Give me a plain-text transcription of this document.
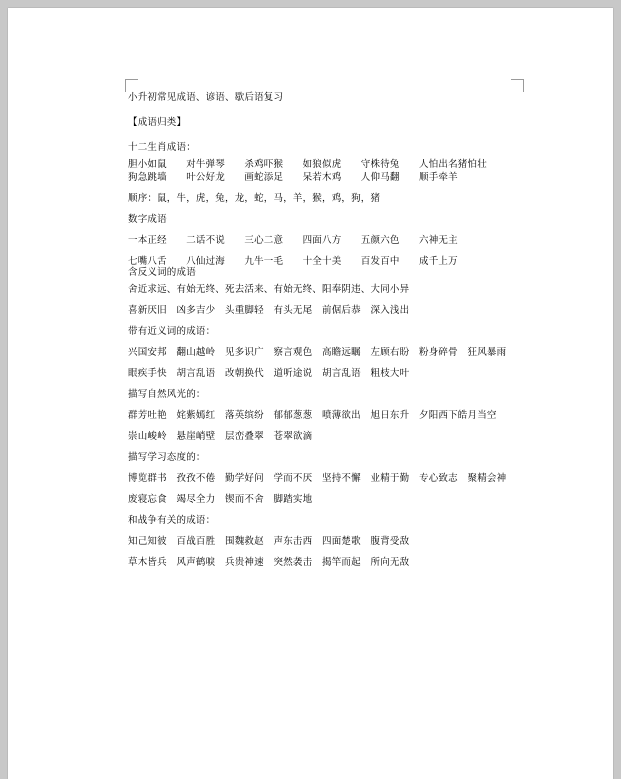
小升初常见成语、谚语、歇后语复习
【成语归类】
十二生肖成语：
胆小如鼠　　对牛弹琴　　杀鸡吓猴　　如狼似虎　　守株待兔　　人怕出名猪怕壮
狗急跳墙　　叶公好龙　　画蛇添足　　呆若木鸡　　人仰马翻　　顺手牵羊
顺序：鼠，牛，虎，兔，龙，蛇，马，羊，猴，鸡，狗，猪
数字成语
一本正经　　二话不说　　三心二意　　四面八方　　五颜六色　　六神无主
七嘴八舌　　八仙过海　　九牛一毛　　十全十美　　百发百中　　成千上万
含反义词的成语
舍近求远、有始无终、死去活来、有始无终、阳奉阴违、大同小异
喜新厌旧　凶多吉少　头重脚轻　有头无尾　前倨后恭　深入浅出
带有近义词的成语：
兴国安邦　翻山越岭　见多识广　察言观色　高瞻远瞩　左顾右盼　粉身碎骨　狂风暴雨
眼疾手快　胡言乱语　改朝换代　道听途说　胡言乱语　粗枝大叶
描写自然风光的：
群芳吐艳　姹紫嫣红　落英缤纷　郁郁葱葱　喷薄欲出　旭日东升　夕阳西下皓月当空
崇山峻岭　悬崖峭壁　层峦叠翠　苍翠欲滴
描写学习态度的：
博览群书　孜孜不倦　勤学好问　学而不厌　坚持不懈　业精于勤　专心致志　聚精会神
废寝忘食　竭尽全力　锲而不舍　脚踏实地
和战争有关的成语：
知己知彼　百战百胜　围魏救赵　声东击西　四面楚歌　腹背受敌
草木皆兵　风声鹤唳　兵贵神速　突然袭击　揭竿而起　所向无敌
